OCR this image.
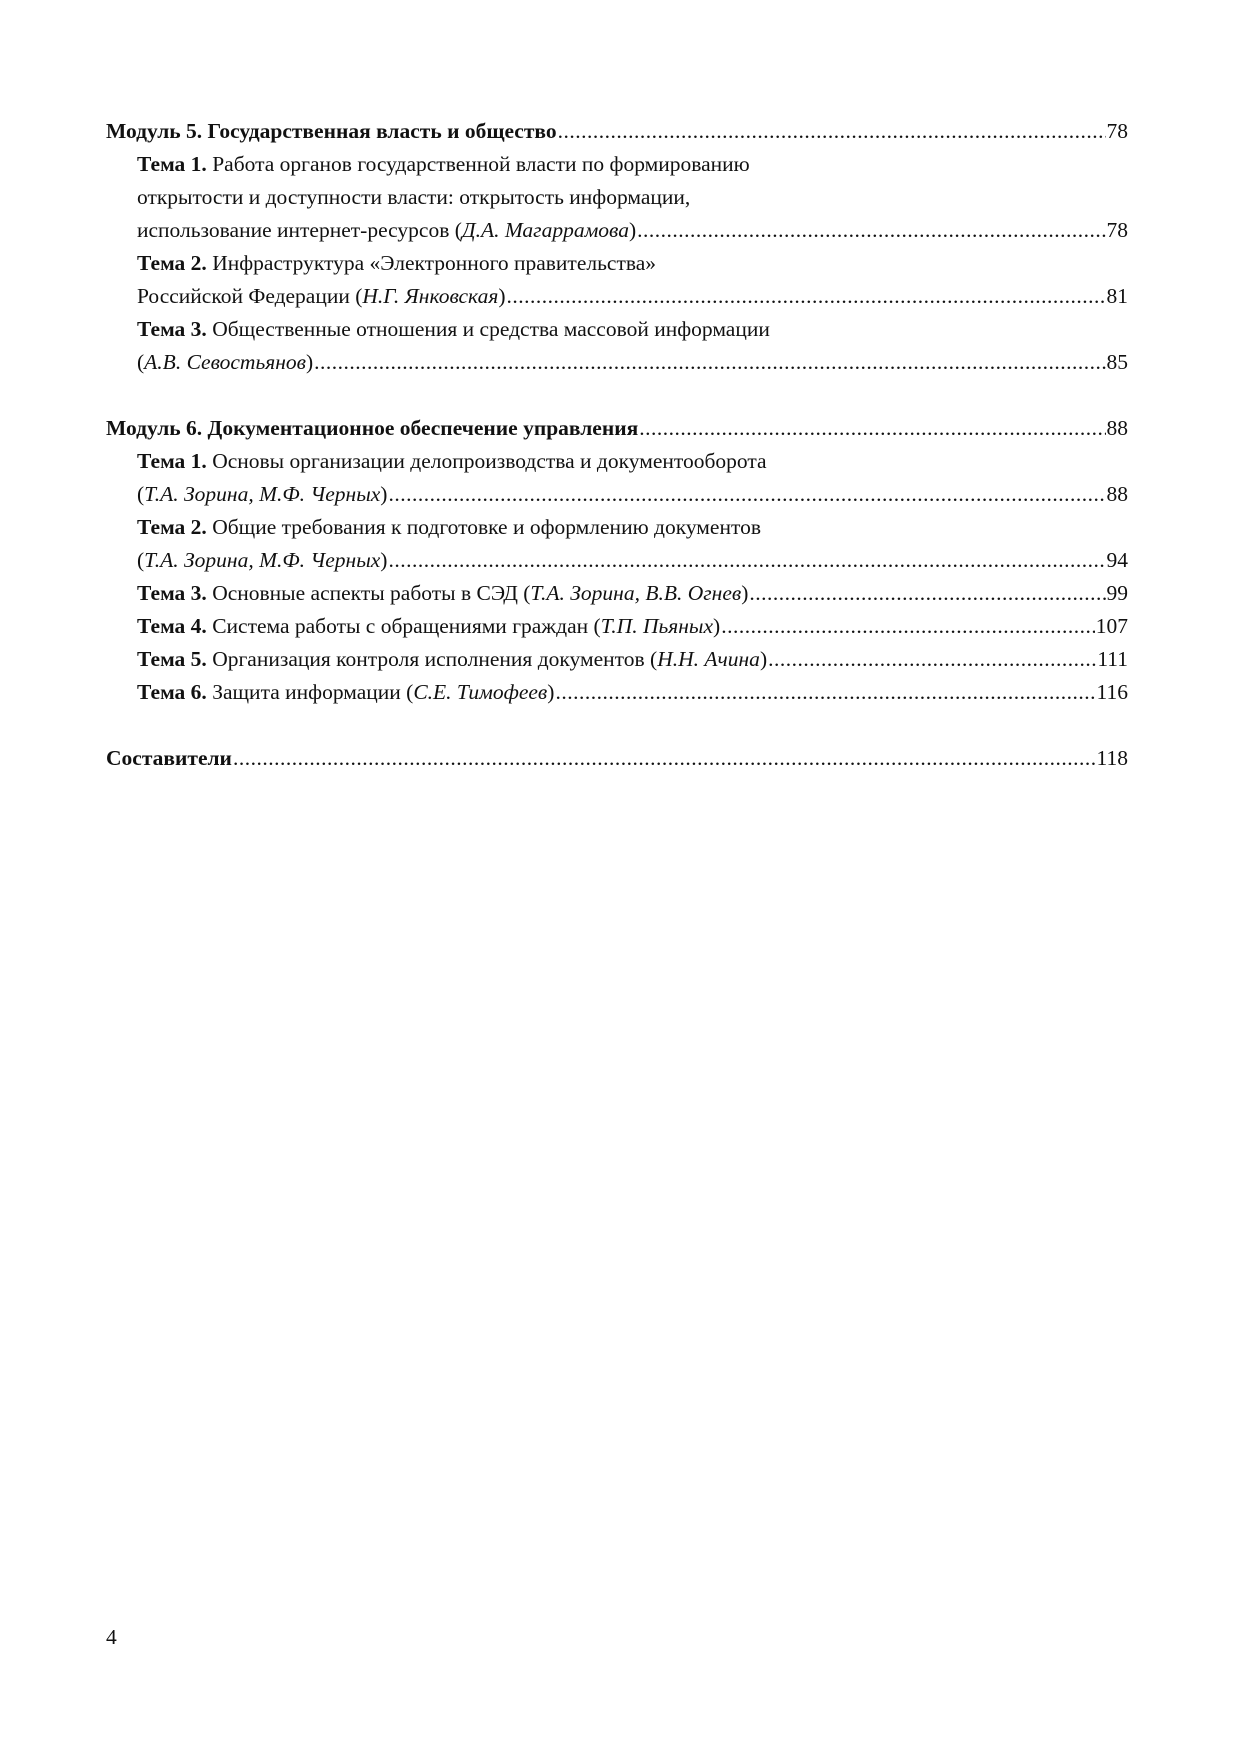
Модуль 5. Государственная власть и общество .....	78
Тема 1.
Работа органов государственной власти по формированию
открытости и доступности власти: открытость информации,
использование интернет-ресурсов ( Д.А. Магаррамова ) .....	78
Тема 2.
Инфраструктура «Электронного правительства»
Российской Федерации ( Н.Г. Янковская ) .....	81
Тема 3.
Общественные отношения и средства массовой информации
( А.В. Севостьянов ) .....	85
Модуль 6. Документационное обеспечение управления .....	88
Тема 1.
Основы организации делопроизводства и документооборота
( Т.А. Зорина, М.Ф. Черных ) .....	88
Тема 2.
Общие требования к подготовке и оформлению документов
( Т.А. Зорина, М.Ф. Черных ) .....	94
Тема 3.
Основные аспекты работы в СЭД ( Т.А. Зорина, В.В. Огнев ) .....	99
Тема 4.
Система работы с обращениями граждан ( Т.П. Пьяных ) .....	107
Тема 5.
Организация контроля исполнения документов ( Н.Н. Ачина ) .....	111
Тема 6.
Защита информации ( С.Е. Тимофеев ) .....	116
Составители .....	118
4
